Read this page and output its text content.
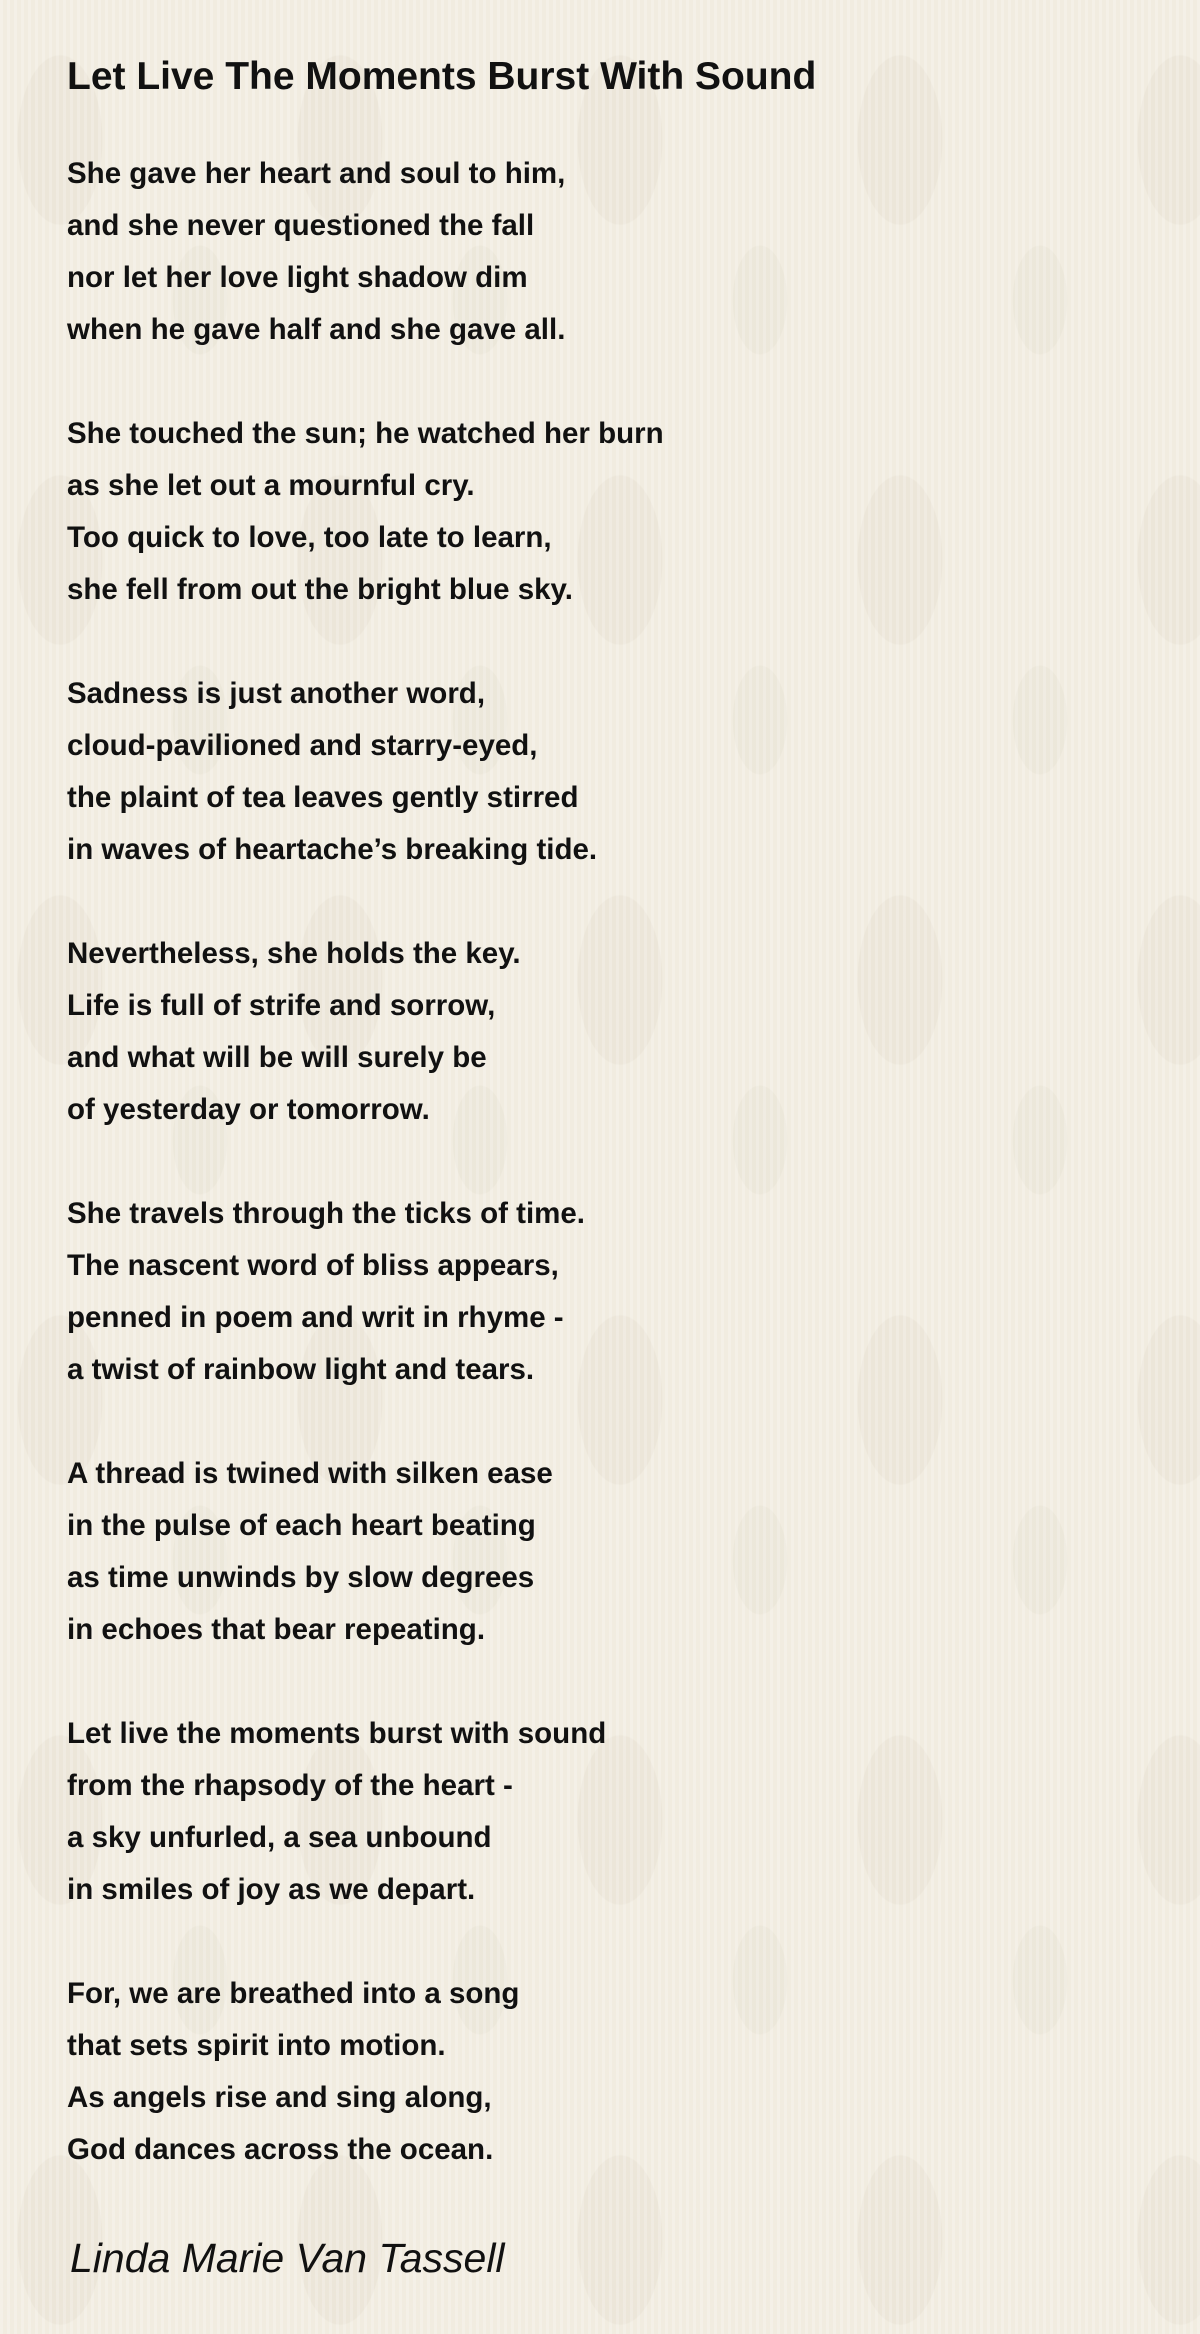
Let Live The Moments Burst With Sound
She gave her heart and soul to him,
and she never questioned the fall
nor let her love light shadow dim
when he gave half and she gave all.
She touched the sun; he watched her burn
as she let out a mournful cry.
Too quick to love, too late to learn,
she fell from out the bright blue sky.
Sadness is just another word,
cloud-pavilioned and starry-eyed,
the plaint of tea leaves gently stirred
in waves of heartache’s breaking tide.
Nevertheless, she holds the key.
Life is full of strife and sorrow,
and what will be will surely be
of yesterday or tomorrow.
She travels through the ticks of time.
The nascent word of bliss appears,
penned in poem and writ in rhyme -
a twist of rainbow light and tears.
A thread is twined with silken ease
in the pulse of each heart beating
as time unwinds by slow degrees
in echoes that bear repeating.
Let live the moments burst with sound
from the rhapsody of the heart -
a sky unfurled, a sea unbound
in smiles of joy as we depart.
For, we are breathed into a song
that sets spirit into motion.
As angels rise and sing along,
God dances across the ocean.

Linda Marie Van Tassell
